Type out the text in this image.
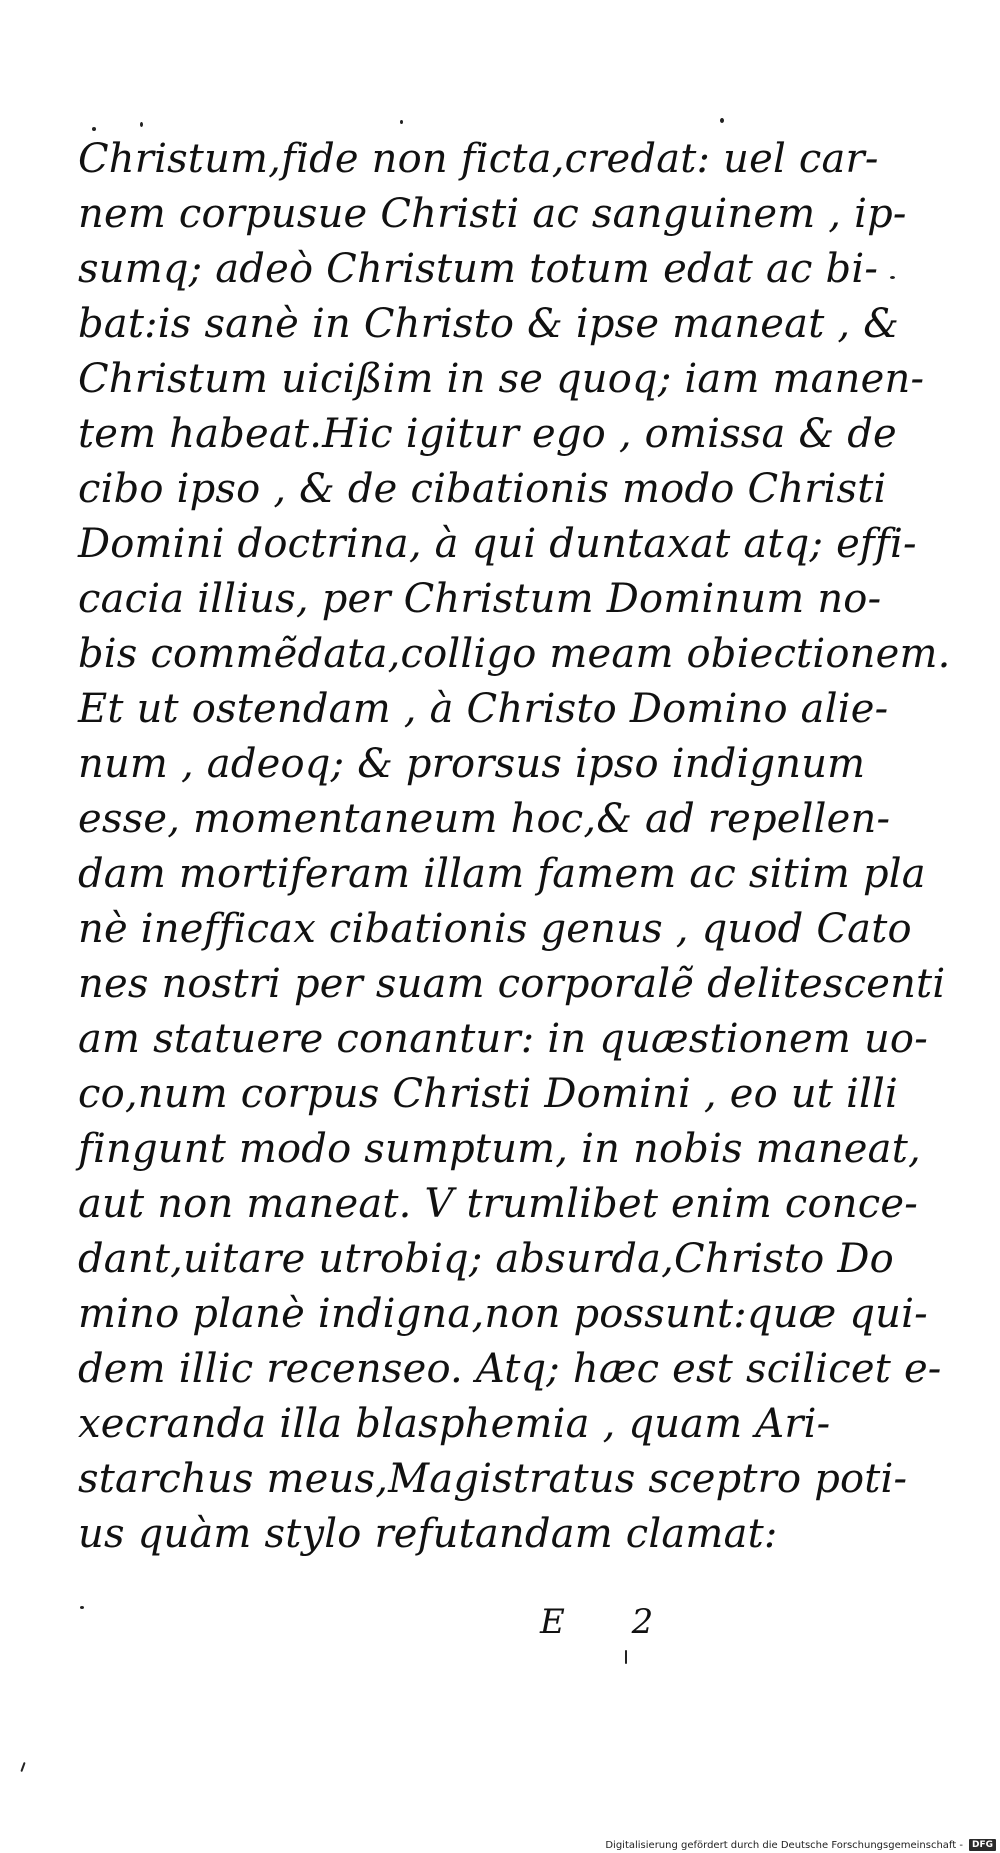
Christum,fide non ficta,credat: uel car-
nem corpusue Christi ac sanguinem , ip-
sumq; adeò Christum totum edat ac bi-
bat:is sanè in Christo & ipse maneat , &
Christum uicißim in se quoq; iam manen-
tem habeat.Hic igitur ego , omissa & de
cibo ipso , & de cibationis modo Christi
Domini doctrina, à qui duntaxat atq; effi-
cacia illius, per Christum Dominum no-
bis commẽdata,colligo meam obiectionem.
Et ut ostendam , à Christo Domino alie-
num , adeoq; & prorsus ipso indignum
esse, momentaneum hoc,& ad repellen-
dam mortiferam illam famem ac sitim pla
nè inefficax cibationis genus , quod Cato
nes nostri per suam corporalẽ delitescenti
am statuere conantur: in quæstionem uo-
co,num corpus Christi Domini , eo ut illi
fingunt modo sumptum, in nobis maneat,
aut non maneat. V trumlibet enim conce-
dant,uitare utrobiq; absurda,Christo Do
mino planè indigna,non possunt:quæ qui-
dem illic recenseo. Atq; hæc est scilicet e-
xecranda illa blasphemia , quam Ari-
starchus meus,Magistratus sceptro poti-
us quàm stylo refutandam clamat:
E 2
Digitalisierung gefördert durch die Deutsche Forschungsgemeinschaft -	DFG
